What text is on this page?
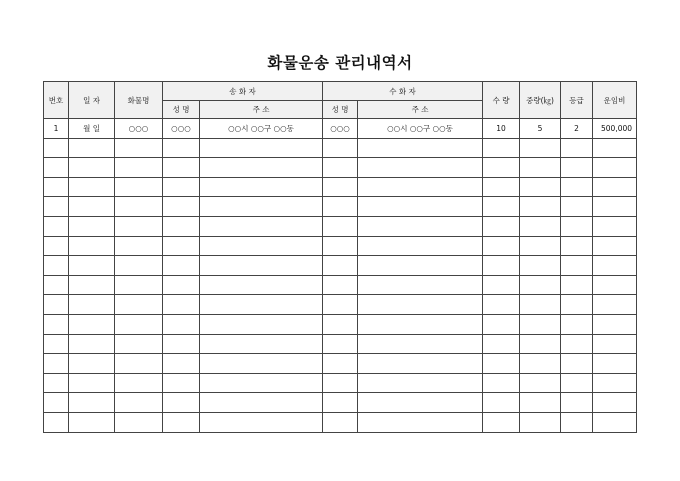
화물운송 관리내역서
번호	일 자	화물명	송 화 자		수 화 자		수 량	중량(㎏)	등급	운임비
			성 명	주 소	성 명	주 소				
1	월 일	○○○	○○○	○○시 ○○구 ○○동	○○○	○○시 ○○구 ○○동	10	5	2	500,000
